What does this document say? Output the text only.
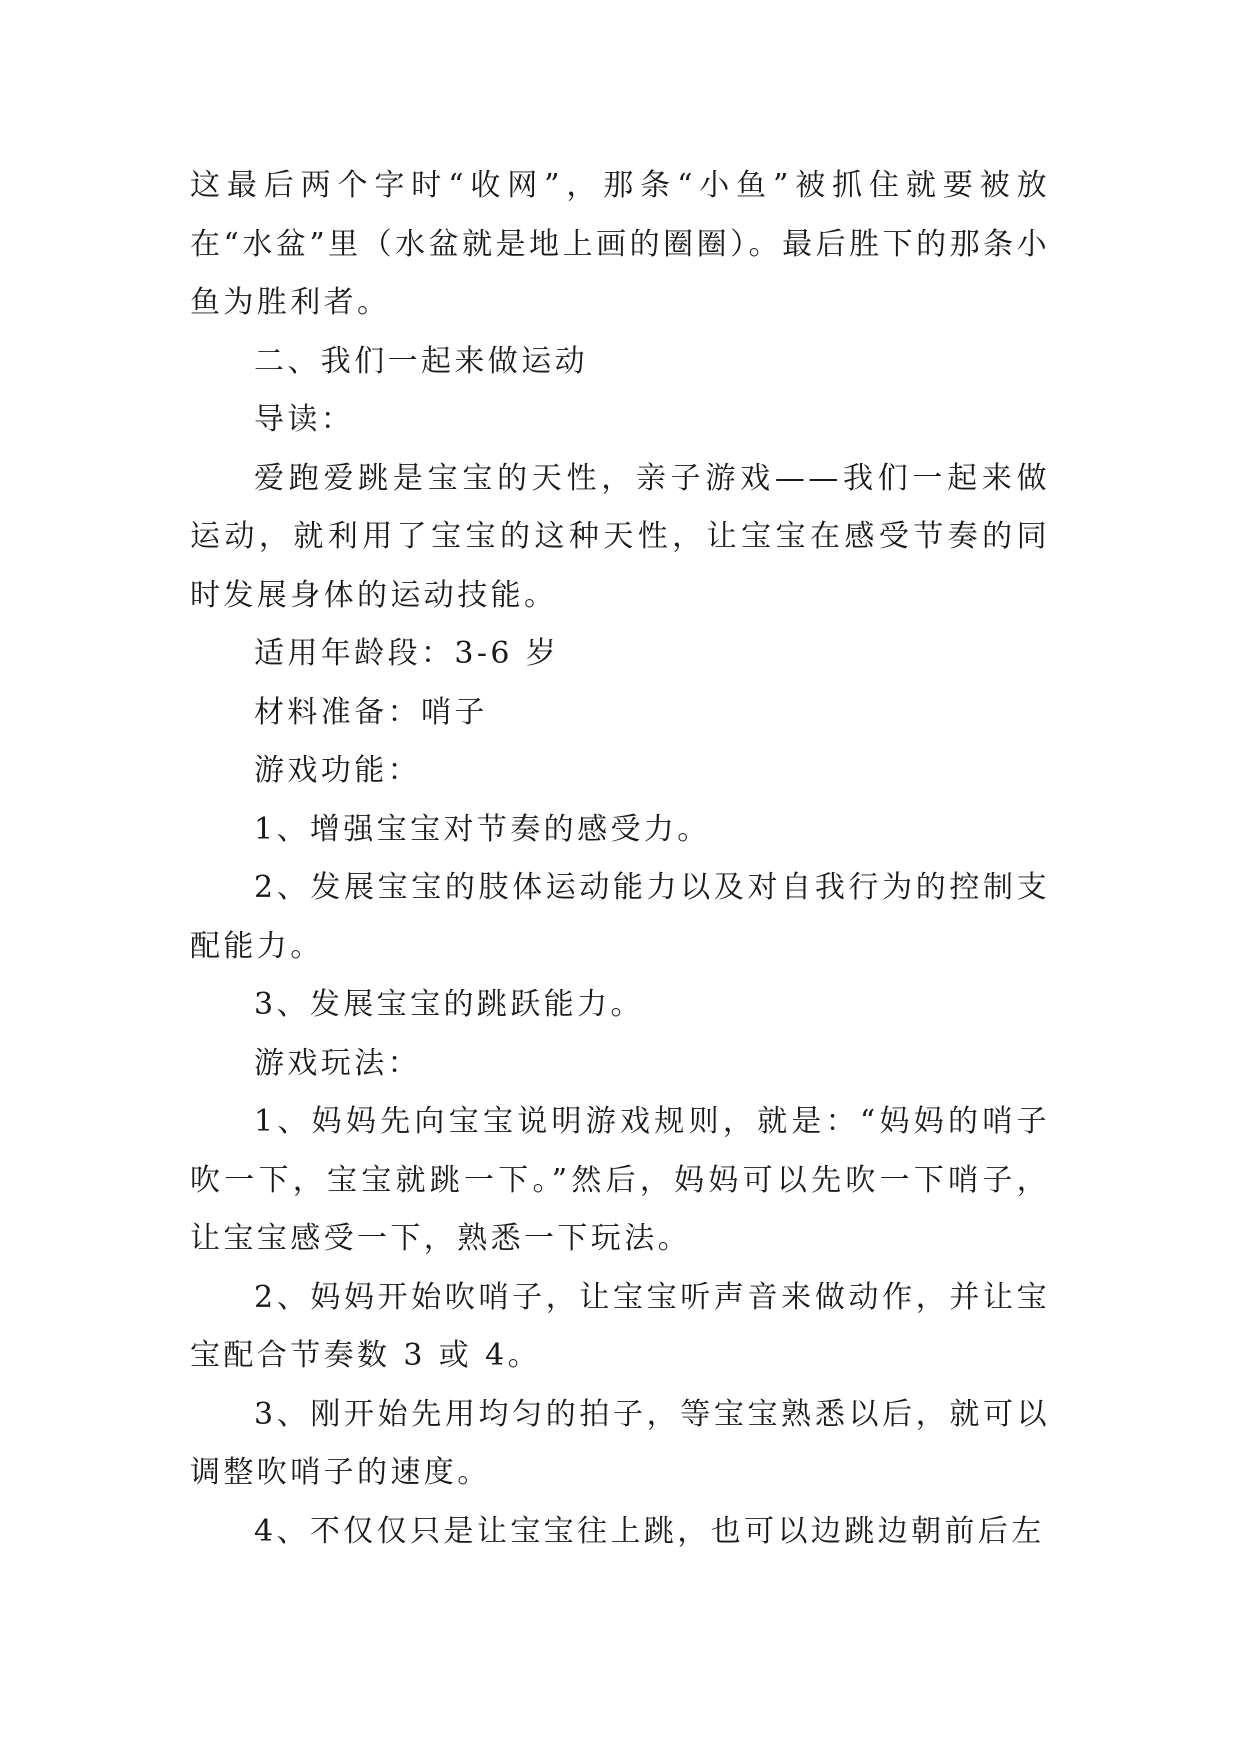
这最后两个字时“收网”，那条“小鱼”被抓住就要被放在“水盆”里（水盆就是地上画的圈圈）。最后胜下的那条小鱼为胜利者。

二、我们一起来做运动

导读：

爱跑爱跳是宝宝的天性，亲子游戏——我们一起来做运动，就利用了宝宝的这种天性，让宝宝在感受节奏的同时发展身体的运动技能。

适用年龄段：3-6 岁

材料准备：哨子

游戏功能：

1、增强宝宝对节奏的感受力。

2、发展宝宝的肢体运动能力以及对自我行为的控制支配能力。

3、发展宝宝的跳跃能力。

游戏玩法：

1、妈妈先向宝宝说明游戏规则，就是：“妈妈的哨子吹一下，宝宝就跳一下。”然后，妈妈可以先吹一下哨子，让宝宝感受一下，熟悉一下玩法。

2、妈妈开始吹哨子，让宝宝听声音来做动作，并让宝宝配合节奏数 3 或 4。

3、刚开始先用均匀的拍子，等宝宝熟悉以后，就可以调整吹哨子的速度。

4、不仅仅只是让宝宝往上跳，也可以边跳边朝前后左
